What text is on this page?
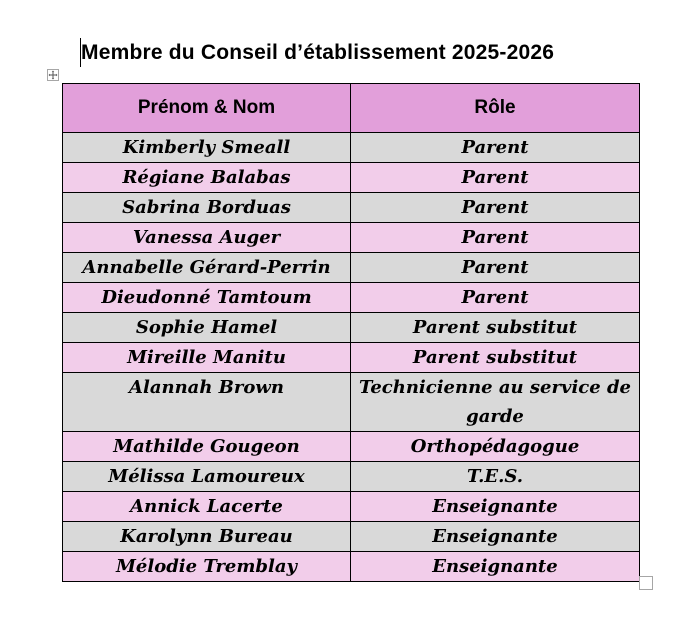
Membre du Conseil d’établissement 2025-2026
Prénom & Nom	Rôle
Kimberly Smeall	Parent
Régiane Balabas	Parent
Sabrina Borduas	Parent
Vanessa Auger	Parent
Annabelle Gérard-Perrin	Parent
Dieudonné Tamtoum	Parent
Sophie Hamel	Parent substitut
Mireille Manitu	Parent substitut
Alannah Brown	Technicienne au service de garde
Mathilde Gougeon	Orthopédagogue
Mélissa Lamoureux	T.E.S.
Annick Lacerte	Enseignante
Karolynn Bureau	Enseignante
Mélodie Tremblay	Enseignante
